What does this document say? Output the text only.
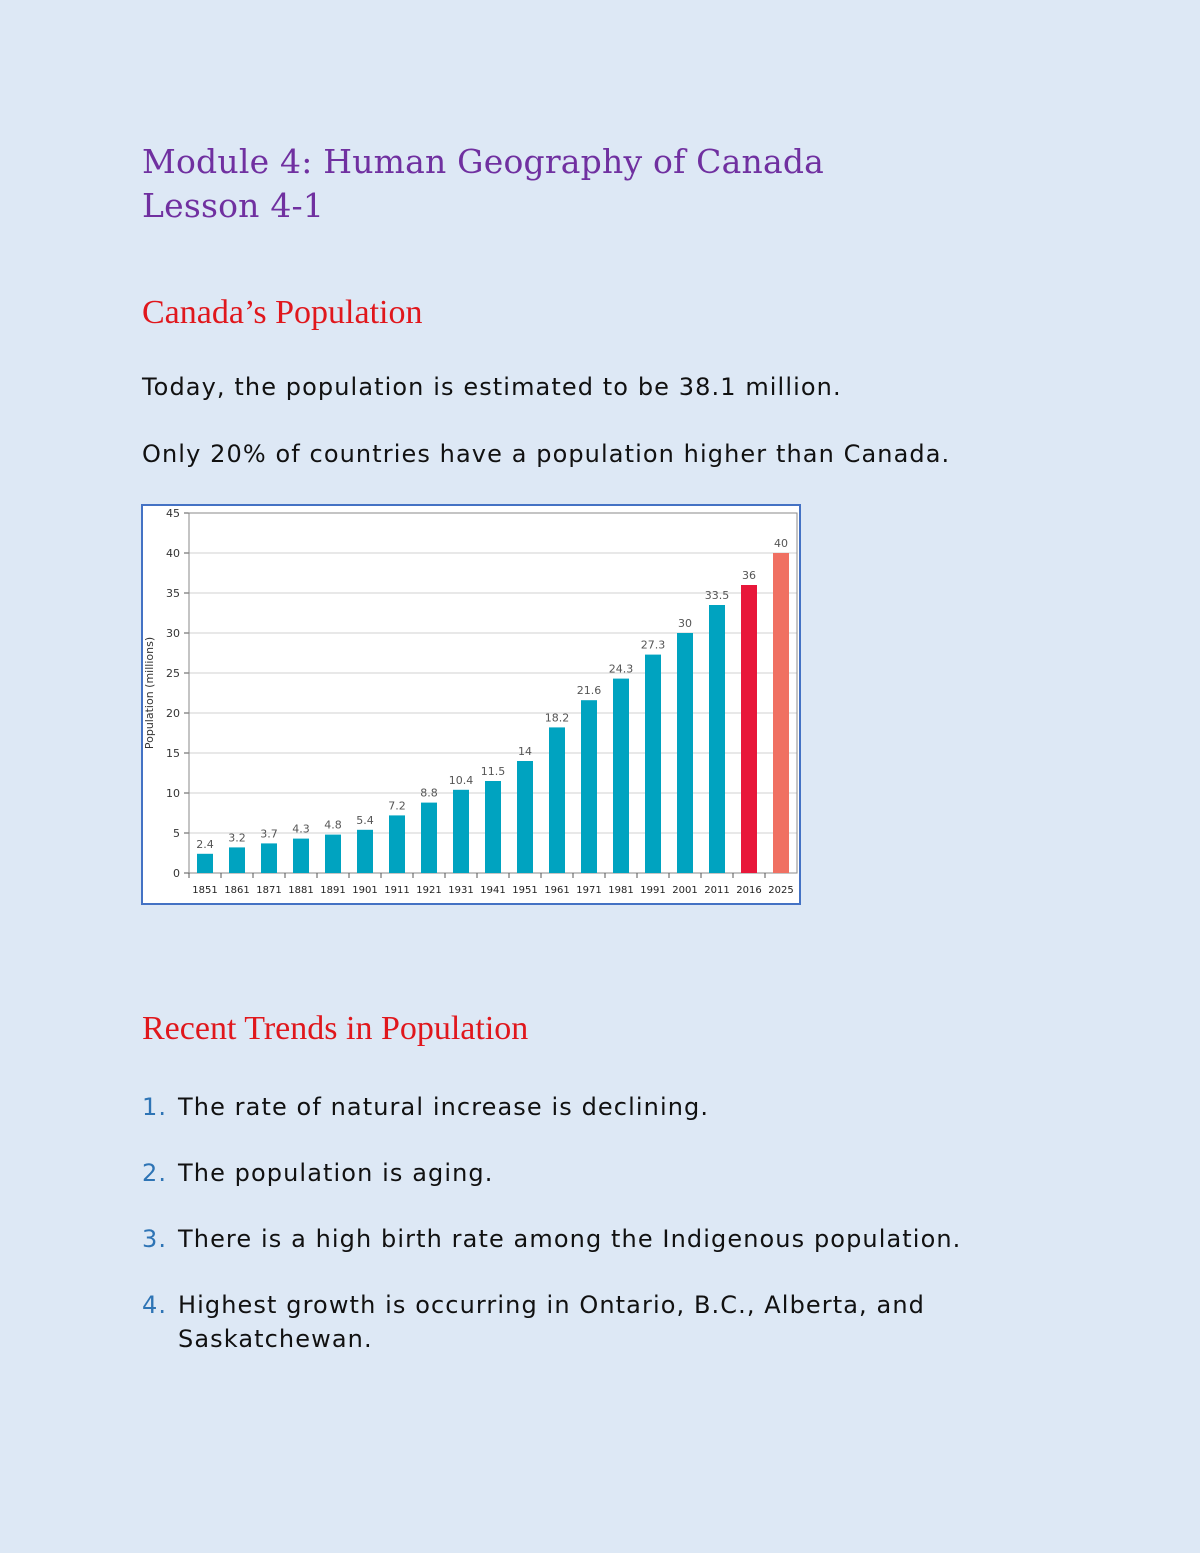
Module 4: Human Geography of Canada
Lesson 4-1
Canada’s Population

Today, the population is estimated to be 38.1 million.

Only 20% of countries have a population higher than Canada.

0
5
10
15
20
25
30
35
40
45
Population (millions)
2.4
1851
3.2
1861
3.7
1871
4.3
1881
4.8
1891
5.4
1901
7.2
1911
8.8
1921
10.4
1931
11.5
1941
14
1951
18.2
1961
21.6
1971
24.3
1981
27.3
1991
30
2001
33.5
2011
36
2016
40
2025
Recent Trends in Population
1. The rate of natural increase is declining.
2. The population is aging.
3. There is a high birth rate among the Indigenous population.
4. Highest growth is occurring in Ontario, B.C., Alberta, and Saskatchewan.
